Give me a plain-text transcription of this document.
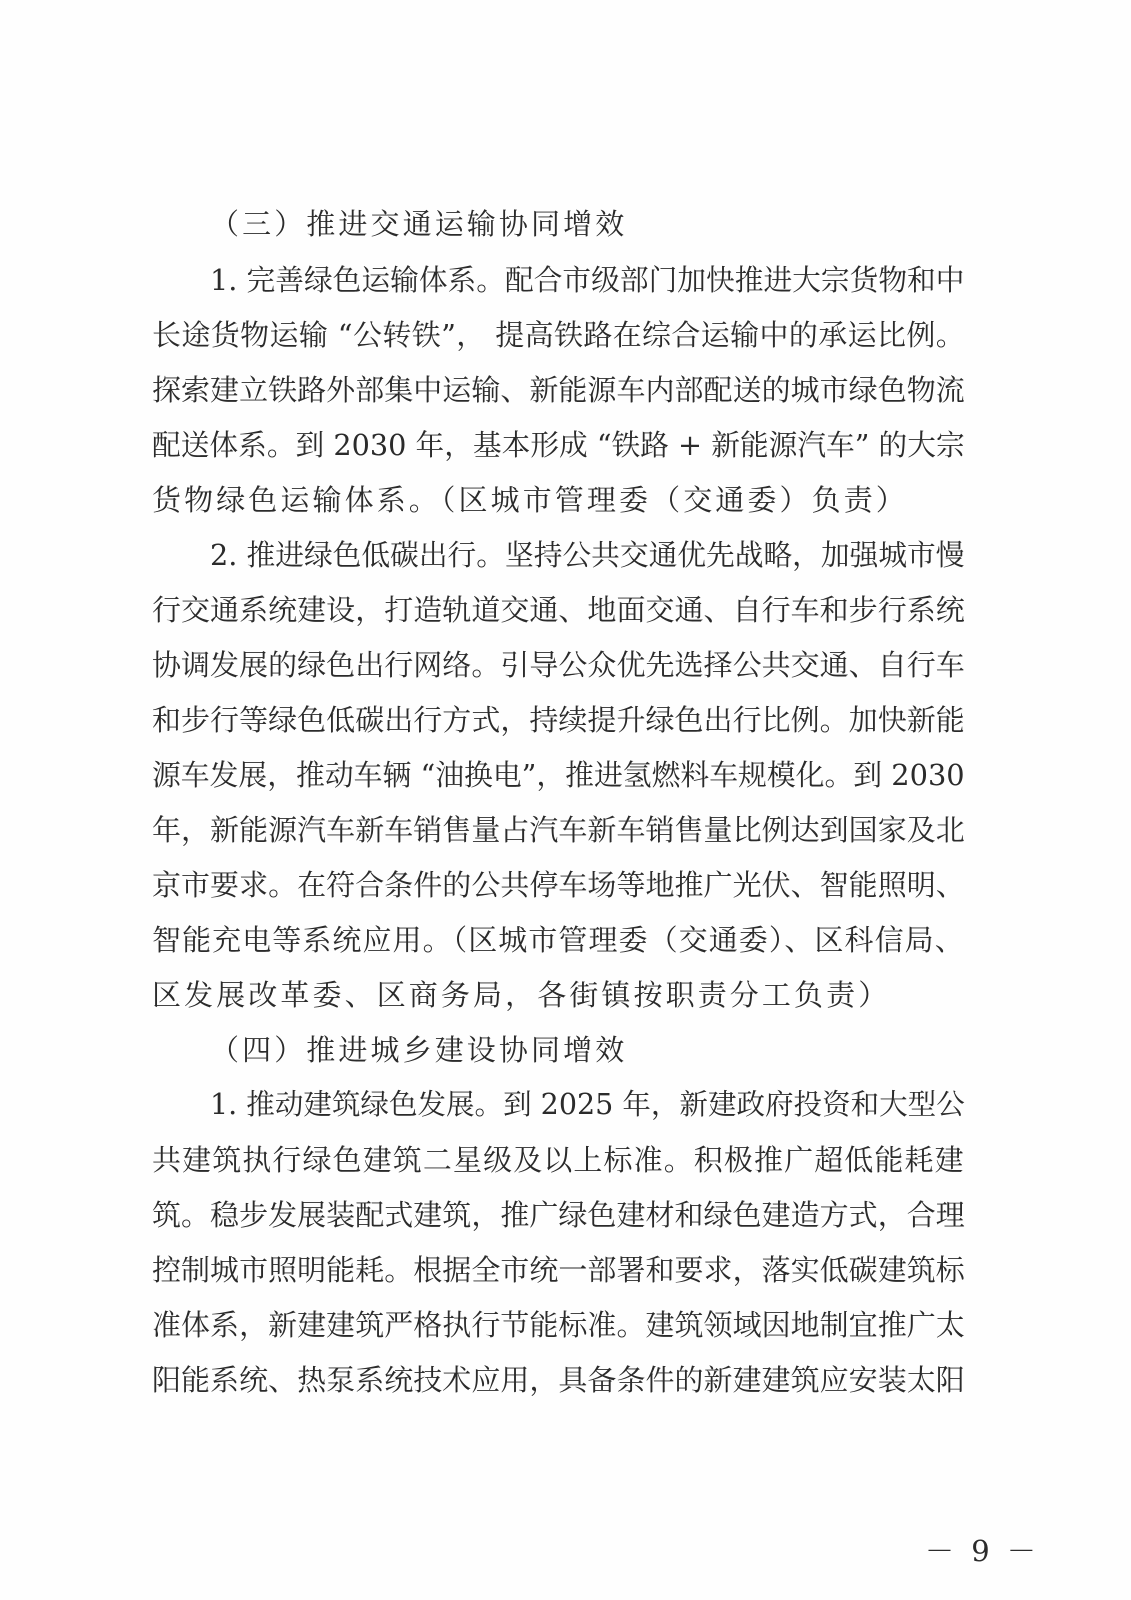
（三）推进交通运输协同增效
1. 完善绿色运输体系。配合市级部门加快推进大宗货物和中
长途货物运输 “公转铁”， 提高铁路在综合运输中的承运比例。
探索建立铁路外部集中运输、新能源车内部配送的城市绿色物流
配送体系。到 2030 年，基本形成 “铁路 + 新能源汽车” 的大宗
货物绿色运输体系。（区城市管理委（交通委）负责）
2. 推进绿色低碳出行。坚持公共交通优先战略，加强城市慢
行交通系统建设，打造轨道交通、地面交通、自行车和步行系统
协调发展的绿色出行网络。引导公众优先选择公共交通、自行车
和步行等绿色低碳出行方式，持续提升绿色出行比例。加快新能
源车发展，推动车辆 “油换电”，推进氢燃料车规模化。到 2030
年，新能源汽车新车销售量占汽车新车销售量比例达到国家及北
京市要求。在符合条件的公共停车场等地推广光伏、智能照明、
智能充电等系统应用。（区城市管理委（交通委）、区科信局、
区发展改革委、区商务局，各街镇按职责分工负责）
（四）推进城乡建设协同增效
1. 推动建筑绿色发展。到 2025 年，新建政府投资和大型公
共建筑执行绿色建筑二星级及以上标准。积极推广超低能耗建
筑。稳步发展装配式建筑，推广绿色建材和绿色建造方式，合理
控制城市照明能耗。根据全市统一部署和要求，落实低碳建筑标
准体系，新建建筑严格执行节能标准。建筑领域因地制宜推广太
阳能系统、热泵系统技术应用，具备条件的新建建筑应安装太阳
－ 9 －
